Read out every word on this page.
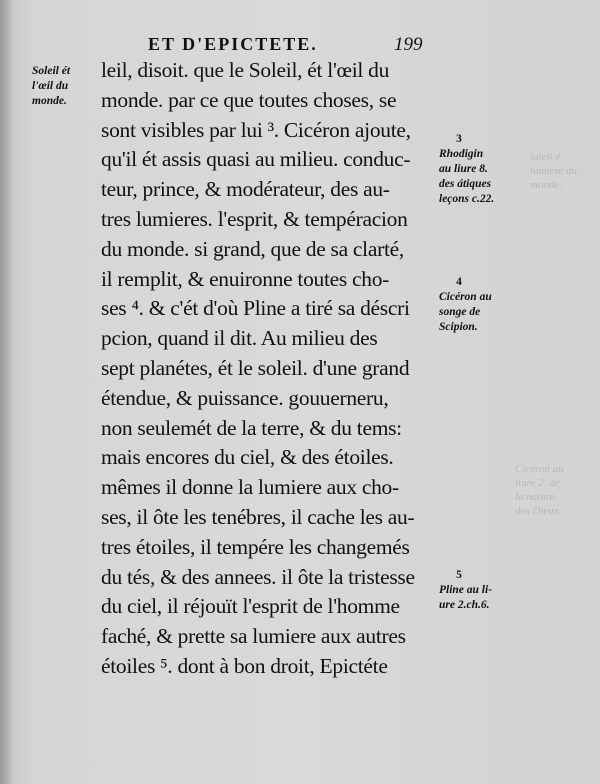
loleil é
lumiere du
monde.
Cicéron au
liure 2. de
la nature
des Dieux.
ET D'EPICTETE.	199
Soleil ét
l'œil du
monde.
leil, disoit. que le Soleil, ét l'œil du
monde. par ce que toutes choses, se
sont visibles par lui ³. Cicéron ajoute,
qu'il ét assis quasi au milieu. conduc-
teur, prince, & modérateur, des au-
tres lumieres. l'esprit, & tempéracion
du monde. si grand, que de sa clarté,
il remplit, & enuironne toutes cho-
ses ⁴. & c'ét d'où Pline a tiré sa déscri
pcion, quand il dit. Au milieu des
sept planétes, ét le soleil. d'une grand
étendue, & puissance. gouuerneru,
non seulemét de la terre, & du tems:
mais encores du ciel, & des étoiles.
mêmes il donne la lumiere aux cho-
ses, il ôte les tenébres, il cache les au-
tres étoiles, il tempére les changemés
du tés, & des annees. il ôte la tristesse
du ciel, il réjouït l'esprit de l'homme
faché, & prette sa lumiere aux autres
étoiles ⁵. dont à bon droit, Epictéte
3
Rhodigin
au liure 8.
des átiques
leçons c.22.
4
Cicéron au
songe de
Scipion.
5
Pline au li-
ure 2.ch.6.
